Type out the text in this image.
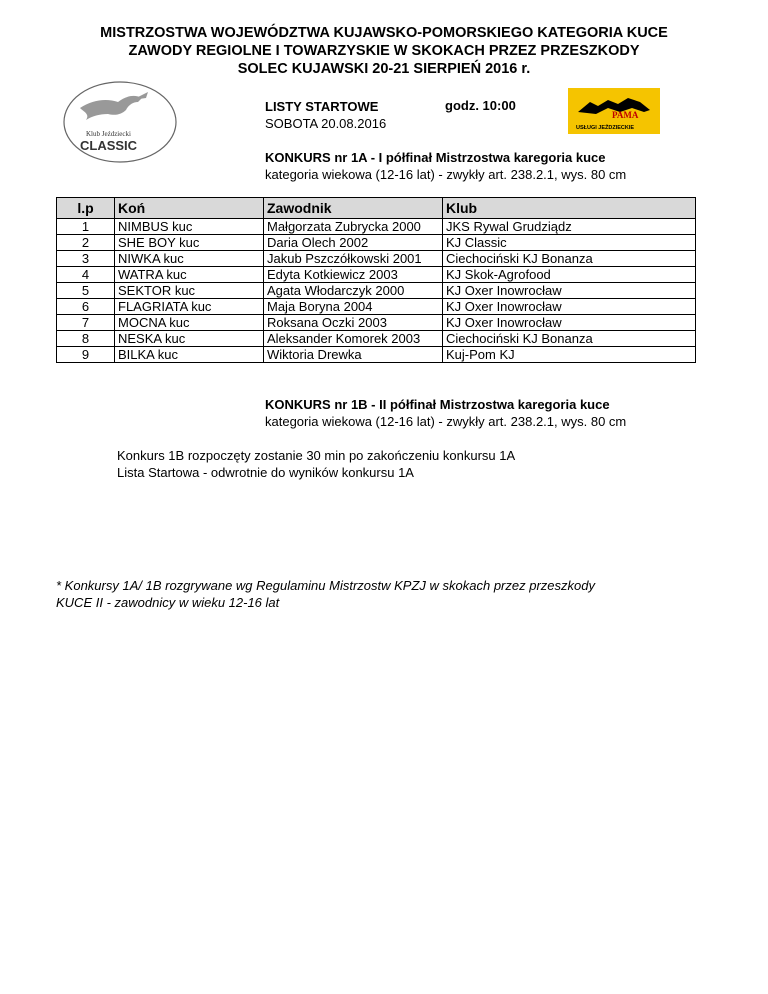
MISTRZOSTWA WOJEWÓDZTWA KUJAWSKO-POMORSKIEGO KATEGORIA KUCE
ZAWODY REGIOLNE I TOWARZYSKIE W SKOKACH PRZEZ PRZESZKODY
SOLEC KUJAWSKI 20-21 SIERPIEŃ 2016 r.
Klub Jeździecki
CLASSIC
PAMA
USŁUGI JEŹDZIECKIE
LISTY STARTOWE
SOBOTA 20.08.2016
godz. 10:00
KONKURS nr 1A - I półfinał Mistrzostwa karegoria kuce
kategoria wiekowa (12-16 lat) - zwykły art. 238.2.1, wys. 80 cm
l.p	Koń	Zawodnik	Klub
1	NIMBUS kuc	Małgorzata Zubrycka 2000	JKS Rywal Grudziądz
2	SHE BOY kuc	Daria Olech 2002	KJ Classic
3	NIWKA kuc	Jakub Pszczółkowski 2001	Ciechociński KJ Bonanza
4	WATRA kuc	Edyta Kotkiewicz 2003	KJ Skok-Agrofood
5	SEKTOR kuc	Agata Włodarczyk 2000	KJ Oxer Inowrocław
6	FLAGRIATA kuc	Maja Boryna 2004	KJ Oxer Inowrocław
7	MOCNA kuc	Roksana Oczki 2003	KJ Oxer Inowrocław
8	NESKA kuc	Aleksander Komorek 2003	Ciechociński KJ Bonanza
9	BILKA kuc	Wiktoria Drewka	Kuj-Pom KJ
KONKURS nr 1B - II półfinał Mistrzostwa karegoria kuce
kategoria wiekowa (12-16 lat) - zwykły art. 238.2.1, wys. 80 cm
Konkurs 1B rozpoczęty zostanie 30 min po zakończeniu konkursu 1A
Lista Startowa - odwrotnie do wyników konkursu 1A
* Konkursy 1A/ 1B rozgrywane wg Regulaminu Mistrzostw KPZJ w skokach przez przeszkody
KUCE II - zawodnicy w wieku 12-16 lat
